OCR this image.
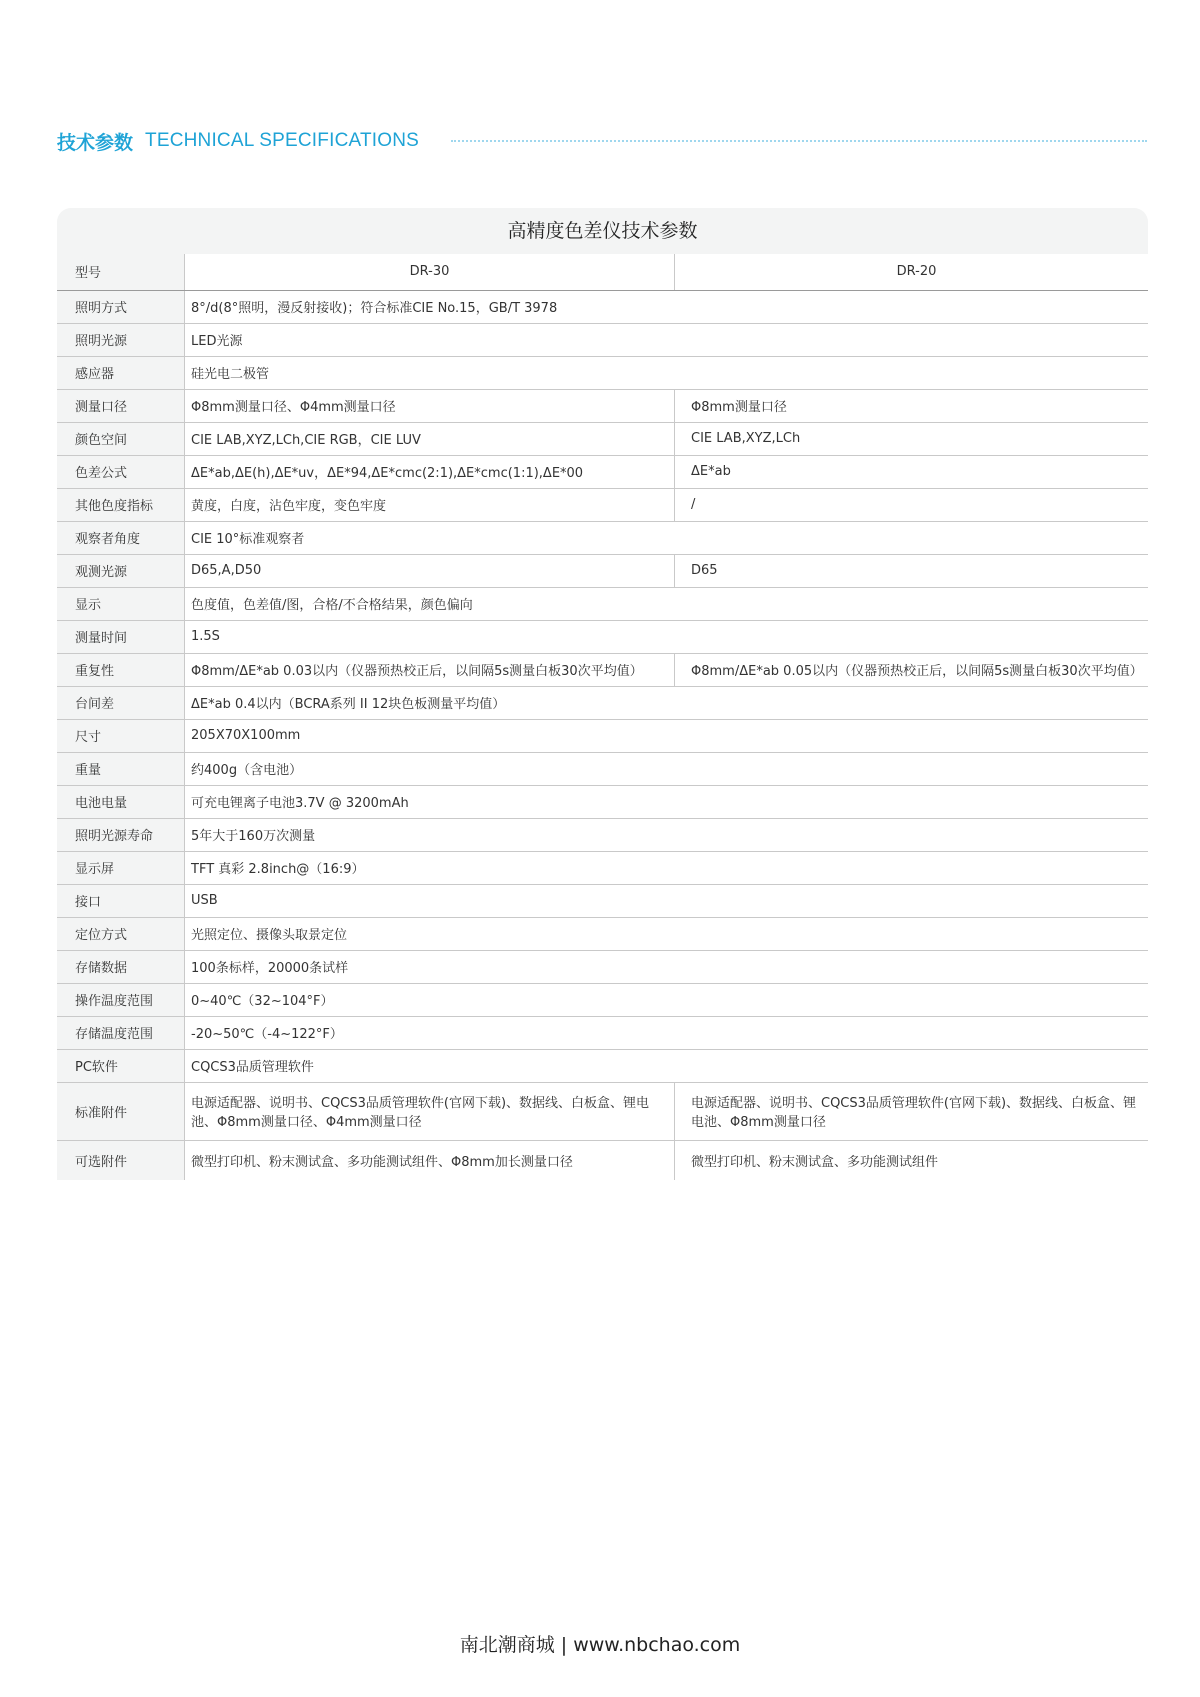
技术参数 TECHNICAL SPECIFICATIONS
高精度色差仪技术参数
型号	DR-30	DR-20
照明方式	8°/d(8°照明，漫反射接收)；符合标准CIE No.15，GB/T 3978	
照明光源	LED光源	
感应器	硅光电二极管	
测量口径	Φ8mm测量口径、Φ4mm测量口径	Φ8mm测量口径
颜色空间	CIE LAB,XYZ,LCh,CIE RGB，CIE LUV	CIE LAB,XYZ,LCh
色差公式	ΔE*ab,ΔE(h),ΔE*uv，ΔE*94,ΔE*cmc(2:1),ΔE*cmc(1:1),ΔE*00	ΔE*ab
其他色度指标	黄度，白度，沾色牢度，变色牢度	/
观察者角度	CIE 10°标准观察者	
观测光源	D65,A,D50	D65
显示	色度值，色差值/图，合格/不合格结果，颜色偏向	
测量时间	1.5S	
重复性	Φ8mm/ΔE*ab 0.03以内（仪器预热校正后，以间隔5s测量白板30次平均值）	Φ8mm/ΔE*ab 0.05以内（仪器预热校正后，以间隔5s测量白板30次平均值）
台间差	ΔE*ab 0.4以内（BCRA系列 II 12块色板测量平均值）	
尺寸	205X70X100mm	
重量	约400g（含电池）	
电池电量	可充电锂离子电池3.7V @ 3200mAh	
照明光源寿命	5年大于160万次测量	
显示屏	TFT 真彩 2.8inch@（16:9）	
接口	USB	
定位方式	光照定位、摄像头取景定位	
存储数据	100条标样，20000条试样	
操作温度范围	0~40℃（32~104°F）	
存储温度范围	-20~50℃（-4~122°F）	
PC软件	CQCS3品质管理软件	
标准附件	电源适配器、说明书、CQCS3品质管理软件(官网下载)、数据线、白板盒、锂电池、Φ8mm测量口径、Φ4mm测量口径	电源适配器、说明书、CQCS3品质管理软件(官网下载)、数据线、白板盒、锂电池、Φ8mm测量口径
可选附件	微型打印机、粉末测试盒、多功能测试组件、Φ8mm加长测量口径	微型打印机、粉末测试盒、多功能测试组件
南北潮商城 | www.nbchao.com
